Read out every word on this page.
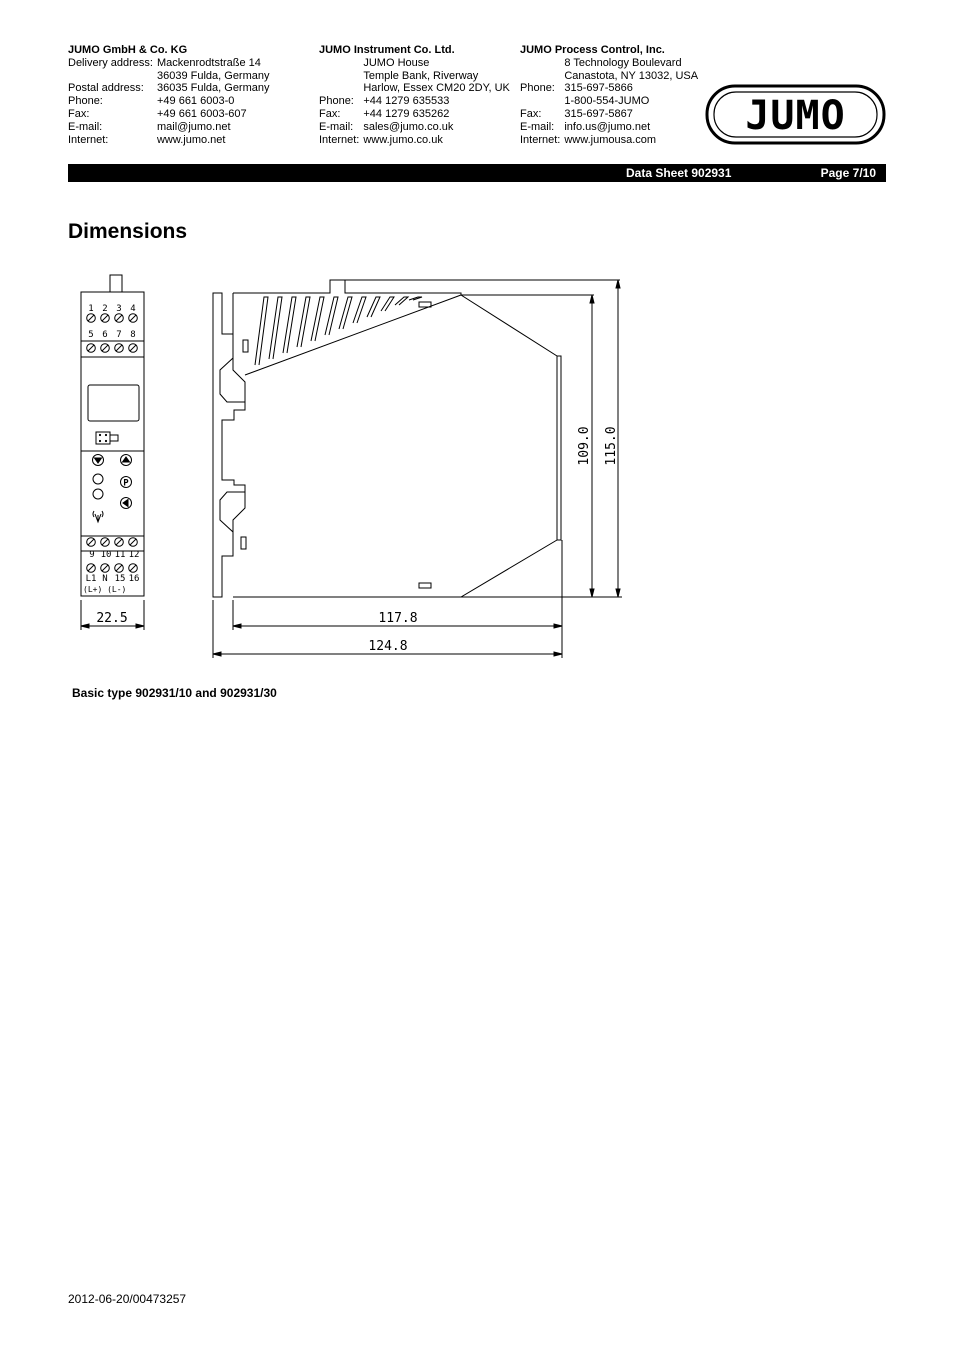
JUMO GmbH & Co. KG
Delivery address:	Mackenrodtstraße 14
	36039 Fulda, Germany
Postal address:	36035 Fulda, Germany
Phone:	+49 661 6003-0
Fax:	+49 661 6003-607
E-mail:	mail@jumo.net
Internet:	www.jumo.net
JUMO Instrument Co. Ltd.
	JUMO House
	Temple Bank, Riverway
	Harlow, Essex CM20 2DY, UK
Phone:	+44 1279 635533
Fax:	+44 1279 635262
E-mail:	sales@jumo.co.uk
Internet:	www.jumo.co.uk
JUMO Process Control, Inc.
	8 Technology Boulevard
	Canastota, NY 13032, USA
Phone:	315-697-5866
	1-800-554-JUMO
Fax:	315-697-5867
E-mail:	info.us@jumo.net
Internet:	www.jumousa.com
JUMO
Data Sheet 902931	Page 7/10
Dimensions
1 2 3 4
5 6 7 8
9 10 11 12
L1 N 15 16
(L+) (L-)
P
22.5	117.8
124.8
109.0 115.0
Basic type 902931/10 and 902931/30
2012-06-20/00473257
